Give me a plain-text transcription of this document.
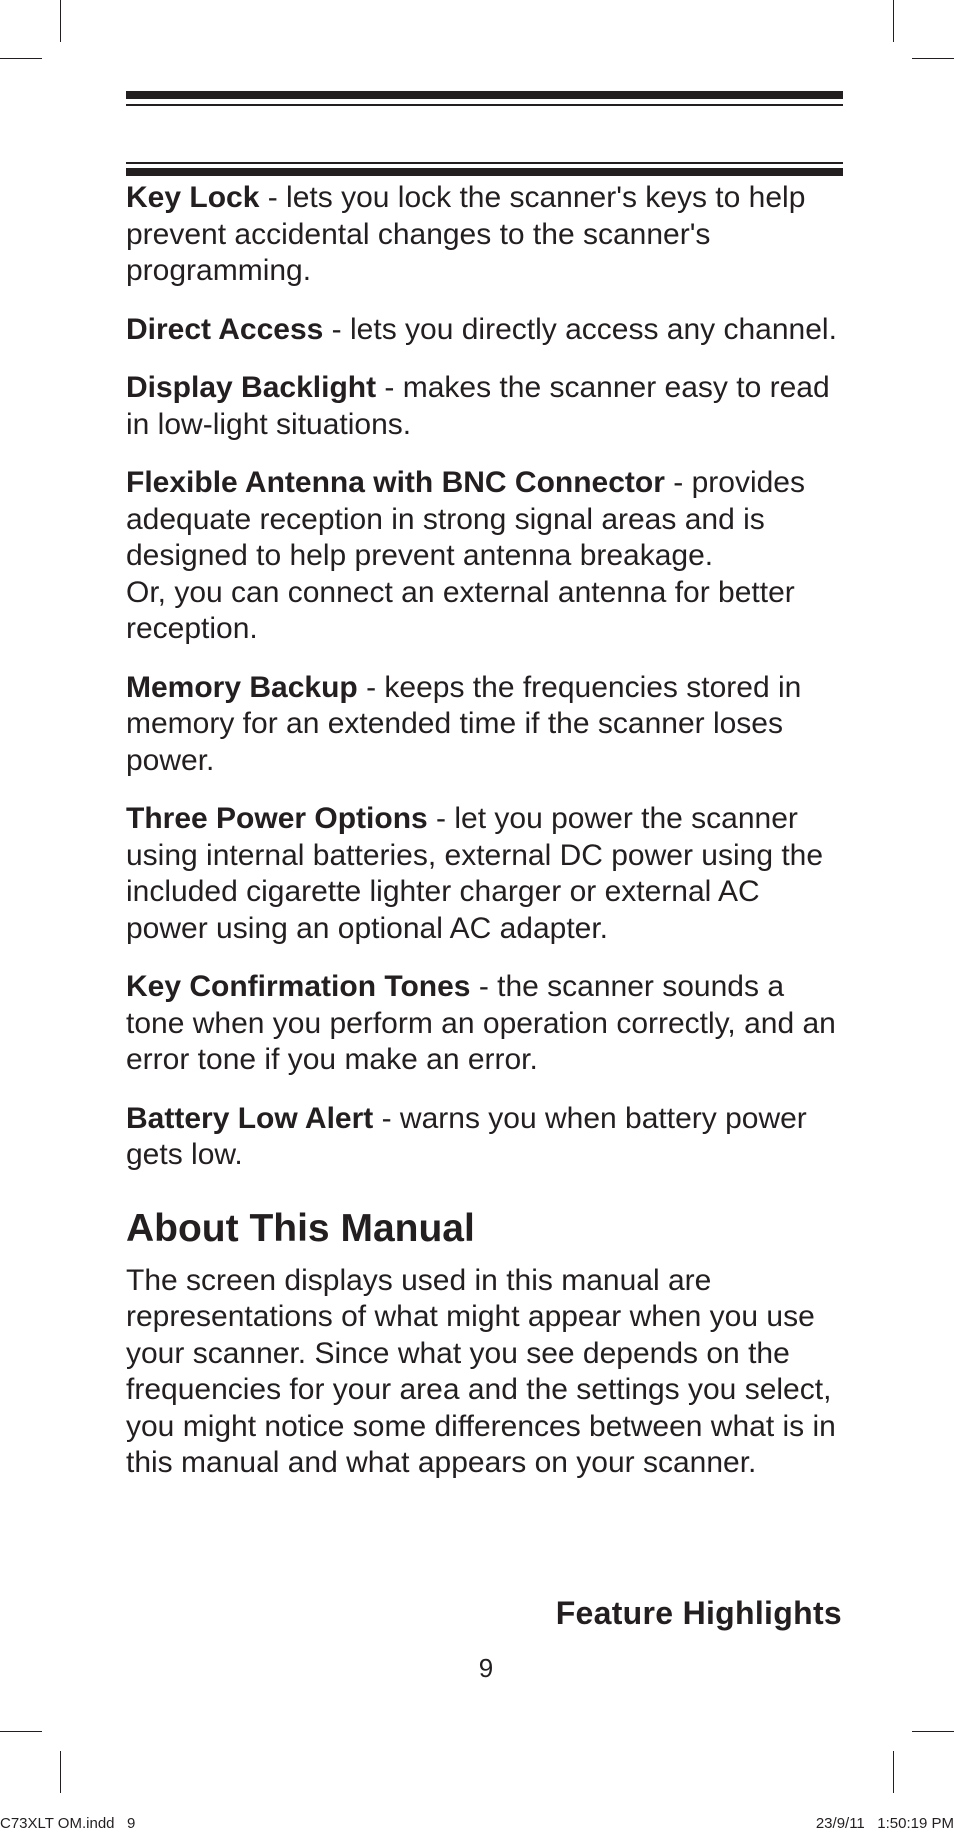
Key Lock - lets you lock the scanner's keys to help prevent accidental changes to the scanner's programming.

Direct Access - lets you directly access any channel.

Display Backlight - makes the scanner easy to read in low-light situations.

Flexible Antenna with BNC Connector - provides adequate reception in strong signal areas and is designed to help prevent antenna breakage.
Or, you can connect an external antenna for better reception.

Memory Backup - keeps the frequencies stored in memory for an extended time if the scanner loses power.

Three Power Options - let you power the scanner using internal batteries, external DC power using the included cigarette lighter charger or external AC power using an optional AC adapter.

Key Confirmation Tones - the scanner sounds a tone when you perform an operation correctly, and an error tone if you make an error.

Battery Low Alert - warns you when battery power gets low.

About This Manual

The screen displays used in this manual are representations of what might appear when you use your scanner. Since what you see depends on the frequencies for your area and the settings you select, you might notice some differences between what is in this manual and what appears on your scanner.

Feature Highlights
9
C73XLT OM.indd   9	23/9/11   1:50:19 PM
